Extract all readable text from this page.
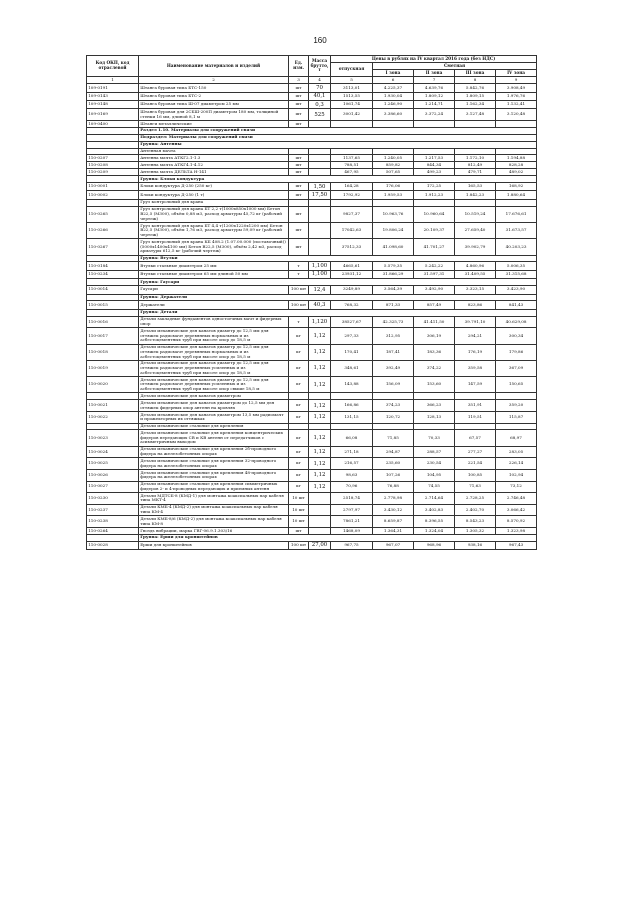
160
Код ОКП, код отраслевой	Наименование материалов и изделий	Ед. изм.	Масса брутто, т	Цены в рублях на IV квартал 2016 года (без НДС)				
				отпускная	Сметная			
					I зона	II зона	III зона	IV зона
1	2	3	4	5	6	7	8	9
109-0191	Штанга буровая типа БТС-150	шт	70	3113,01	4.225,37	4.639,76	5.842,76	3.908,49
109-0143	Штанга буровая типа БТС-2	шт	40,1	1513,55	1.930,04	1.809,12	1.809,15	1.976,76
109-0148	Штанга буровая типа Ш-07 диаметром 25 мм	шт	0,3	1061,74	1.246,90	1.214,71	1.162,34	1.132,41
109-0169	Штанга буровая для 2СБШ-200П диаметром 180 мм, толщиной стенки 16 мм, длиной 8,1 м	шт	525	3001,42	3.386,60	3.372,24	3.127,48	3.120,48
109-0400	Штанги металлические	шт						
	Раздел 1.10. Материалы для сооружений связи							
	Подраздел: Материалы для сооружений связи							
	Группа: Антенны							
	Антенная мачта							
110-0207	Антенна мачта АТКГ2.1-1.3	шт		1137,65	1.240,05	1.217,53	1.172,10	1.194,88
110-0208	Антенна мачта АТКГ4.1-4.12	шт		788,51	859,82	844,34	812,49	828,28
110-0209	Антенна мачта ДЕЛЬТА Н-141	шт		467,95	507,65	499,23	479,71	489,02
	Группа: Блоки кондуктура							
110-0001	Блоки кондуктура Д-250 (250 кг)	шт	1,50	164,28	176,06	172,25	165,53	168,92
110-0002	Блоки кондуктура Д-250 (1 т)	шт	17,50	1792,92	1.959,53	1.912,23	1.842,23	1.880,64
	Груз контрольный для крана							
110-0265	Груз контрольный для крана БТ 2,2 т(1000х850х1000 мм) Бетон В22,5 (М300), объём 0,88 м3, расход арматуры 45,72 кг (рабочий чертеж)	шт		9827,37	10.963,76	10.960,64	10.519,24	17.676,61
110-0266	Груз контрольный для крана БТ 4,4 т(1200х1220х1200 мм) Бетон В22,5 (М300), объём 1,76 м3, расход арматуры 59,09 кг (рабочий чертеж)	шт		17042,63	19.806,24	20.109,37	27.659,40	31.673,57
110-0267	Груз контрольный для крана КБ 408.2 (1.07.00.000 (поставочный)) (5000х1400х4100 мм) Бетон В22,5 (М300), объём 2,42 м3, расход арматуры 612,5 кг (рабочий чертеж)	шт		37512,33	41.098,60	41.701,27	39.902,79	40.203,23
	Группа: Втулки							
110-0184	Втулки стальные диаметром 25 мм	т	1,100	4665,61	5.579,35	5.242,22	4.860,96	5.006,35
110-0234	Втулки стальные диаметром 65 мм длиной 50 мм	т	1,100	23931,12	31.866,29	31.597,31	31.409,55	31.315,68
	Группа: Гаусари							
110-0014	Гаусари	100 шт	12,4	3249,89	3.564,39	3.492,90	3.323,15	3.423,90
	Группа: Держатели							
110-0015	Держатели	100 шт	40,3	768,32	871,33	857,49	823,86	841,43
	Группа: Детали							
110-0016	Детали закладные фундаментов одностоечных мачт и фидерных опор	т	1,120	38527,67	42.325,73	41.411,50	39.791,10	40.629,08
110-0017	Детали механические для канатов диаметр до 12,5 мм для оттяжек радиомачт деревянных нормальных и из асбестоцементных труб при высоте опор до 18,5 м	кг	1,12	297,33	312,95	306,19	294,21	300,34
110-0018	Детали механические для канатов диаметр до 12,5 мм для оттяжек радиомачт деревянных нормальных и из асбестоцементных труб при высоте опор до 18,5 м	кг	1,12	170,41	187,41	183,36	176,19	179,86
110-0019	Детали механические для канатов диаметр до 12,5 мм для оттяжек радиомачт деревянных усиленных и из асбестоцементных труб при высоте опор до 18,5 м	кг	1,12	348,61	392,49	374,22	359,58	367,09
110-0020	Детали механические для канатов диаметр до 12,5 мм для оттяжек радиомачт деревянных усиленных и из асбестоцементных труб при высоте опор свыше 18,5 м	кг	1,12	143,88	156,09	153,60	147,59	150,65
	Детали механические для канатов диаметром							
110-0021	Детали механические для канатов диаметром до 12,5 мм для оттяжек фидерных опор антенн на кровлях	кг	1,12	166,86	374,23	366,23	351,91	359,20
110-0022	Детали механические для канатов диаметром 13,5 мм радиомачт и прожекторных их оттяжках	кг	1,12	131,15	120,72	128,13	119,51	115,87
	Детали механические стальные для крепления							
110-0023	Детали механические стальные для крепления концентрических фидеров передающих СВ и КВ антенн от передатчиков с асимметричным выходом	кг	1,12	66,08	71,85	70,33	67,57	68,97
110-0024	Детали механические стальные для крепления 2б-проводного фидера на железобетонных опорах	кг	1,12	271,18	294,87	288,57	277,27	283,05
110-0025	Детали механические стальные для крепления 32-проводного фидера на железобетонных опорах	кг	1,12	216,57	235,60	230,54	221,54	226,14
110-0026	Детали механические стальные для крепления 48-проводного фидера на железобетонных опорах	кг	1,12	98,63	107,26	104,95	100,85	102,94
110-0027	Детали механические стальные для крепления симметричных фидеров 2- и 4-проводных передающих и приемных антенн	кг	1,12	70,96	76,88	74,55	71,63	73,12
110-0230	Детали МДТСБ-8 (КМД-1) для монтажа коаксиальных пар кабеля типа МКТ-4	10 шт		2518,74	2.778,98	2.714,64	2.728,25	2.746,48
110-0237	Детали КМБ-4 (КМД-2) для монтажа коаксиальных пар кабеля типа КМ-4	10 шт		2797,97	3.430,12	3.402,83	2.402,70	3.066,42
110-0238	Детали КМБ-8/6 (КМД-2) для монтажа коаксиальных пар кабеля типа КМ-8	10 шт		7861,21	8.659,87	8.396,55	8.543,23	8.570,92
110-0264	Гвоздь вибрации, марка ГВГ-06.9.1.303/16	шт		1468,09	1.364,31	1.324,04	1.305,32	1.323,98
	Группа: Ерши для кронштейнов							
110-0028	Ерши для кронштейнов	100 шт	27,00	967,75	967,07	968,96	938,16	967,43
